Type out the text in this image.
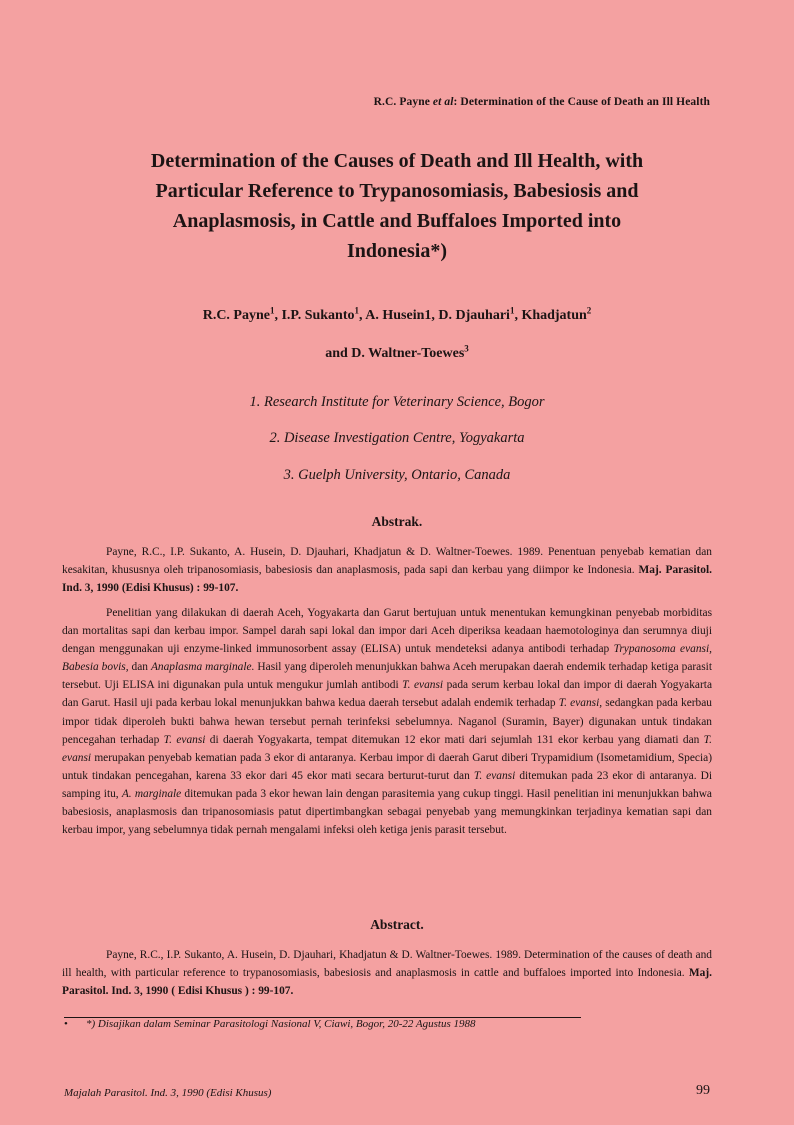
R.C. Payne et al: Determination of the Cause of Death an Ill Health
Determination of the Causes of Death and Ill Health, with
Particular Reference to Trypanosomiasis, Babesiosis and
Anaplasmosis, in Cattle and Buffaloes Imported into
Indonesia*)
R.C. Payne$^1$, I.P. Sukanto$^1$, A. Husein1, D. Djauhari$^1$, Khadjatun$^2$
and D. Waltner-Toewes$^3$
1. Research Institute for Veterinary Science, Bogor
2. Disease Investigation Centre, Yogyakarta
3. Guelph University, Ontario, Canada
Abstrak.

Payne, R.C., I.P. Sukanto, A. Husein, D. Djauhari, Khadjatun & D. Waltner-Toewes. 1989. Penentuan penyebab kematian dan kesakitan, khususnya oleh tripanosomiasis, babesiosis dan anaplasmosis, pada sapi dan kerbau yang diimpor ke Indonesia. Maj. Parasitol. Ind. 3, 1990 (Edisi Khusus) : 99-107.

Penelitian yang dilakukan di daerah Aceh, Yogyakarta dan Garut bertujuan untuk menentukan kemungkinan penyebab morbiditas dan mortalitas sapi dan kerbau impor. Sampel darah sapi lokal dan impor dari Aceh diperiksa keadaan haemotologinya dan serumnya diuji dengan menggunakan uji enzyme-linked immunosorbent assay (ELISA) untuk mendeteksi adanya antibodi terhadap Trypanosoma evansi, Babesia bovis, dan Anaplasma marginale. Hasil yang diperoleh menunjukkan bahwa Aceh merupakan daerah endemik terhadap ketiga parasit tersebut. Uji ELISA ini digunakan pula untuk mengukur jumlah antibodi T. evansi pada serum kerbau lokal dan impor di daerah Yogyakarta dan Garut. Hasil uji pada kerbau lokal menunjukkan bahwa kedua daerah tersebut adalah endemik terhadap T. evansi, sedangkan pada kerbau impor tidak diperoleh bukti bahwa hewan tersebut pernah terinfeksi sebelumnya. Naganol (Suramin, Bayer) digunakan untuk tindakan pencegahan terhadap T. evansi di daerah Yogyakarta, tempat ditemukan 12 ekor mati dari sejumlah 131 ekor kerbau yang diamati dan T. evansi merupakan penyebab kematian pada 3 ekor di antaranya. Kerbau impor di daerah Garut diberi Trypamidium (Isometamidium, Specia) untuk tindakan pencegahan, karena 33 ekor dari 45 ekor mati secara berturut-turut dan T. evansi ditemukan pada 23 ekor di antaranya. Di samping itu, A. marginale ditemukan pada 3 ekor hewan lain dengan parasitemia yang cukup tinggi. Hasil penelitian ini menunjukkan bahwa babesiosis, anaplasmosis dan tripanosomiasis patut dipertimbangkan sebagai penyebab yang memungkinkan terjadinya kematian sapi dan kerbau impor, yang sebelumnya tidak pernah mengalami infeksi oleh ketiga jenis parasit tersebut.

Abstract.

Payne, R.C., I.P. Sukanto, A. Husein, D. Djauhari, Khadjatun & D. Waltner-Toewes. 1989. Determination of the causes of death and ill health, with particular reference to trypanosomiasis, babesiosis and anaplasmosis in cattle and buffaloes imported into Indonesia. Maj. Parasitol. Ind. 3, 1990 ( Edisi Khusus ) : 99-107.

• *) Disajikan dalam Seminar Parasitologi Nasional V, Ciawi, Bogor, 20-22 Agustus 1988
Majalah Parasitol. Ind. 3, 1990 (Edisi Khusus)	99
